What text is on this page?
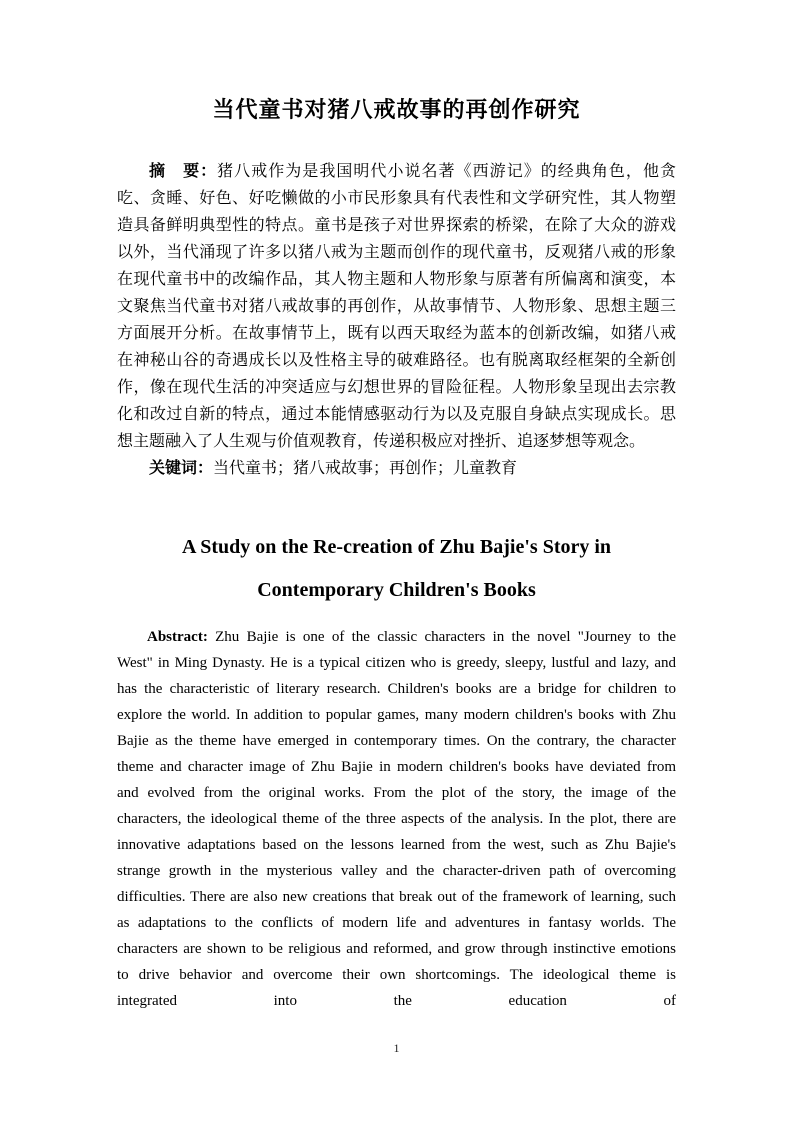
当代童书对猪八戒故事的再创作研究

摘　要：猪八戒作为是我国明代小说名著《西游记》的经典角色，他贪吃、贪睡、好色、好吃懒做的小市民形象具有代表性和文学研究性，其人物塑造具备鲜明典型性的特点。童书是孩子对世界探索的桥梁，在除了大众的游戏以外，当代涌现了许多以猪八戒为主题而创作的现代童书，反观猪八戒的形象在现代童书中的改编作品，其人物主题和人物形象与原著有所偏离和演变，本文聚焦当代童书对猪八戒故事的再创作，从故事情节、人物形象、思想主题三方面展开分析。在故事情节上，既有以西天取经为蓝本的创新改编，如猪八戒在神秘山谷的奇遇成长以及性格主导的破难路径。也有脱离取经框架的全新创作，像在现代生活的冲突适应与幻想世界的冒险征程。人物形象呈现出去宗教化和改过自新的特点，通过本能情感驱动行为以及克服自身缺点实现成长。思想主题融入了人生观与价值观教育，传递积极应对挫折、追逐梦想等观念。

关键词：当代童书；猪八戒故事；再创作；儿童教育

A Study on the Re-creation of Zhu Bajie's Story in
Contemporary Children's Books

Abstract: Zhu Bajie is one of the classic characters in the novel "Journey to the West" in Ming Dynasty. He is a typical citizen who is greedy, sleepy, lustful and lazy, and has the characteristic of literary research. Children's books are a bridge for children to explore the world. In addition to popular games, many modern children's books with Zhu Bajie as the theme have emerged in contemporary times. On the contrary, the character theme and character image of Zhu Bajie in modern children's books have deviated from and evolved from the original works. From the plot of the story, the image of the characters, the ideological theme of the three aspects of the analysis. In the plot, there are innovative adaptations based on the lessons learned from the west, such as Zhu Bajie's strange growth in the mysterious valley and the character-driven path of overcoming difficulties. There are also new creations that break out of the framework of learning, such as adaptations to the conflicts of modern life and adventures in fantasy worlds. The characters are shown to be religious and reformed, and grow through instinctive emotions to drive behavior and overcome their own shortcomings. The ideological theme is integrated into the education of

1
